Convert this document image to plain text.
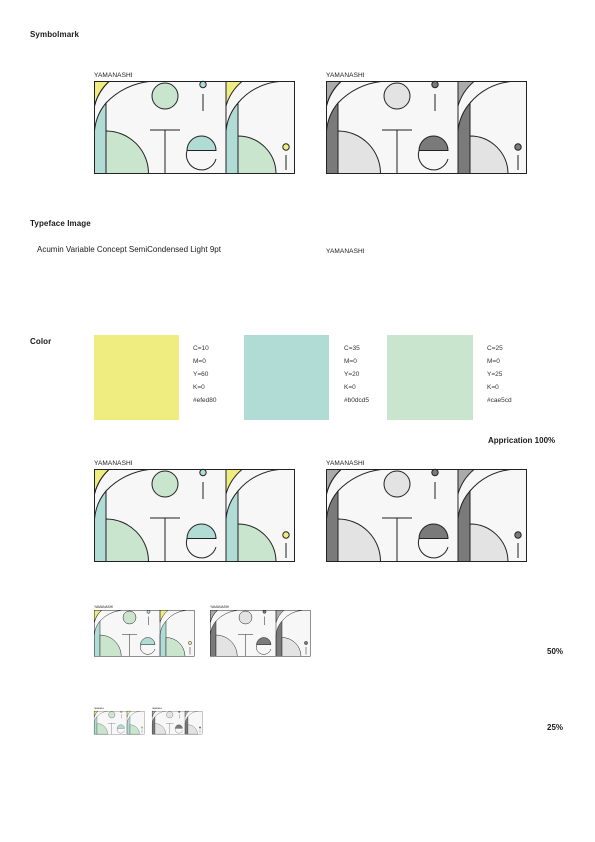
Symbolmark
Typeface Image
Color
YAMANASHI	YAMANASHI
Acumin Variable Concept SemiCondensed Light 9pt	YAMANASHI
C=10
M=0
Y=60
K=0
#efed80
C=35
M=0
Y=20
K=0
#b0dcd5
C=25
M=0
Y=25
K=0
#cae5cd
Apprication 100%
YAMANASHI	YAMANASHI
YAMANASHI	YAMANASHI
50%
YAMANASHI	YAMANASHI
25%
